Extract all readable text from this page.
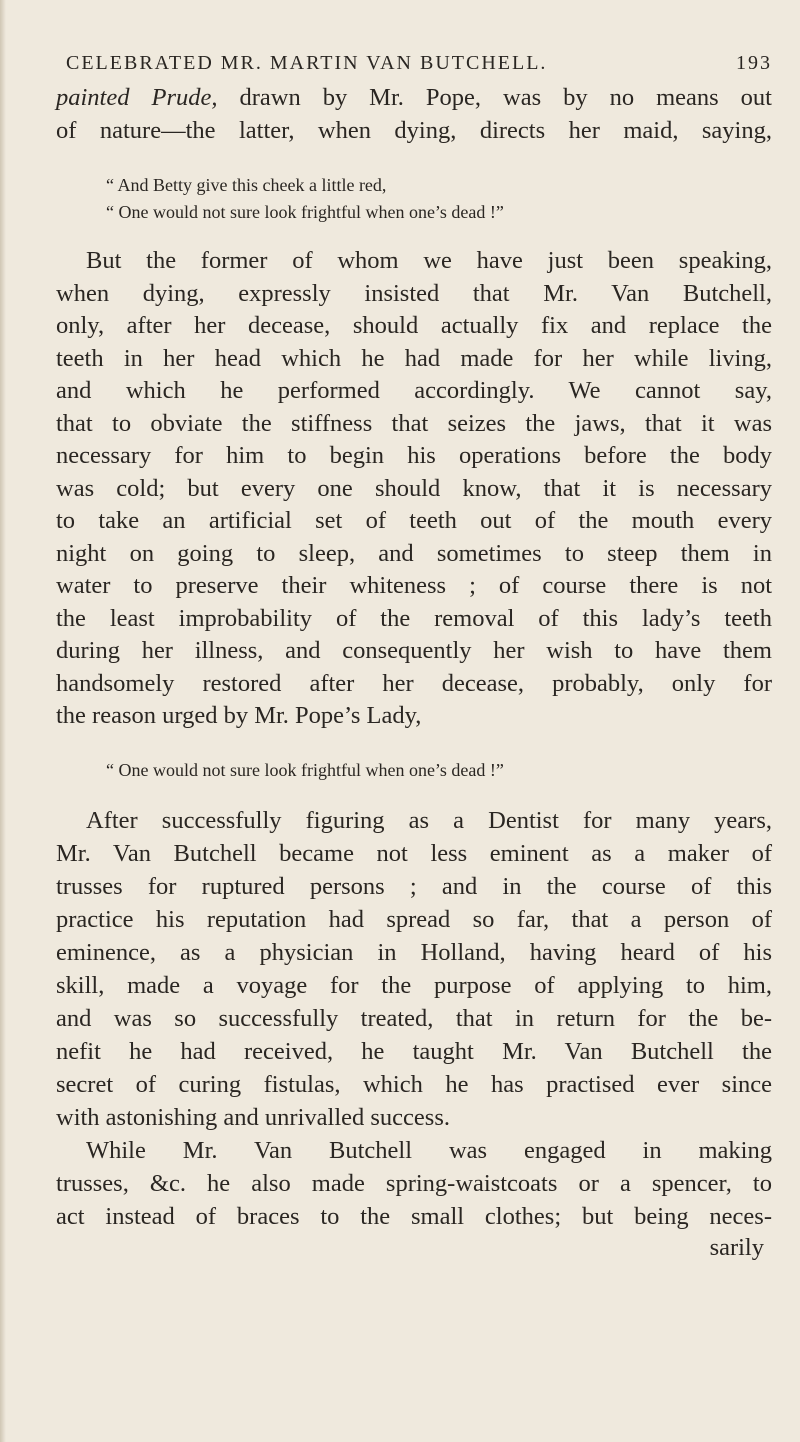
CELEBRATED MR. MARTIN VAN BUTCHELL.	193

painted Prude, drawn by Mr. Pope, was by no means out

of nature—the latter, when dying, directs her maid, saying,

“ And Betty give this cheek a little red,

“ One would not sure look frightful when one’s dead !”

But the former of whom we have just been speaking,

when dying, expressly insisted that Mr. Van Butchell,

only, after her decease, should actually fix and replace the

teeth in her head which he had made for her while living,

and which he performed accordingly. We cannot say,

that to obviate the stiffness that seizes the jaws, that it was

necessary for him to begin his operations before the body

was cold; but every one should know, that it is necessary

to take an artificial set of teeth out of the mouth every

night on going to sleep, and sometimes to steep them in

water to preserve their whiteness ; of course there is not

the least improbability of the removal of this lady’s teeth

during her illness, and consequently her wish to have them

handsomely restored after her decease, probably, only for

the reason urged by Mr. Pope’s Lady,

“ One would not sure look frightful when one’s dead !”

After successfully figuring as a Dentist for many years,

Mr. Van Butchell became not less eminent as a maker of

trusses for ruptured persons ; and in the course of this

practice his reputation had spread so far, that a person of

eminence, as a physician in Holland, having heard of his

skill, made a voyage for the purpose of applying to him,

and was so successfully treated, that in return for the be-

nefit he had received, he taught Mr. Van Butchell the

secret of curing fistulas, which he has practised ever since

with astonishing and unrivalled success.

While Mr. Van Butchell was engaged in making

trusses, &c. he also made spring-waistcoats or a spencer, to

act instead of braces to the small clothes; but being neces-

sarily
